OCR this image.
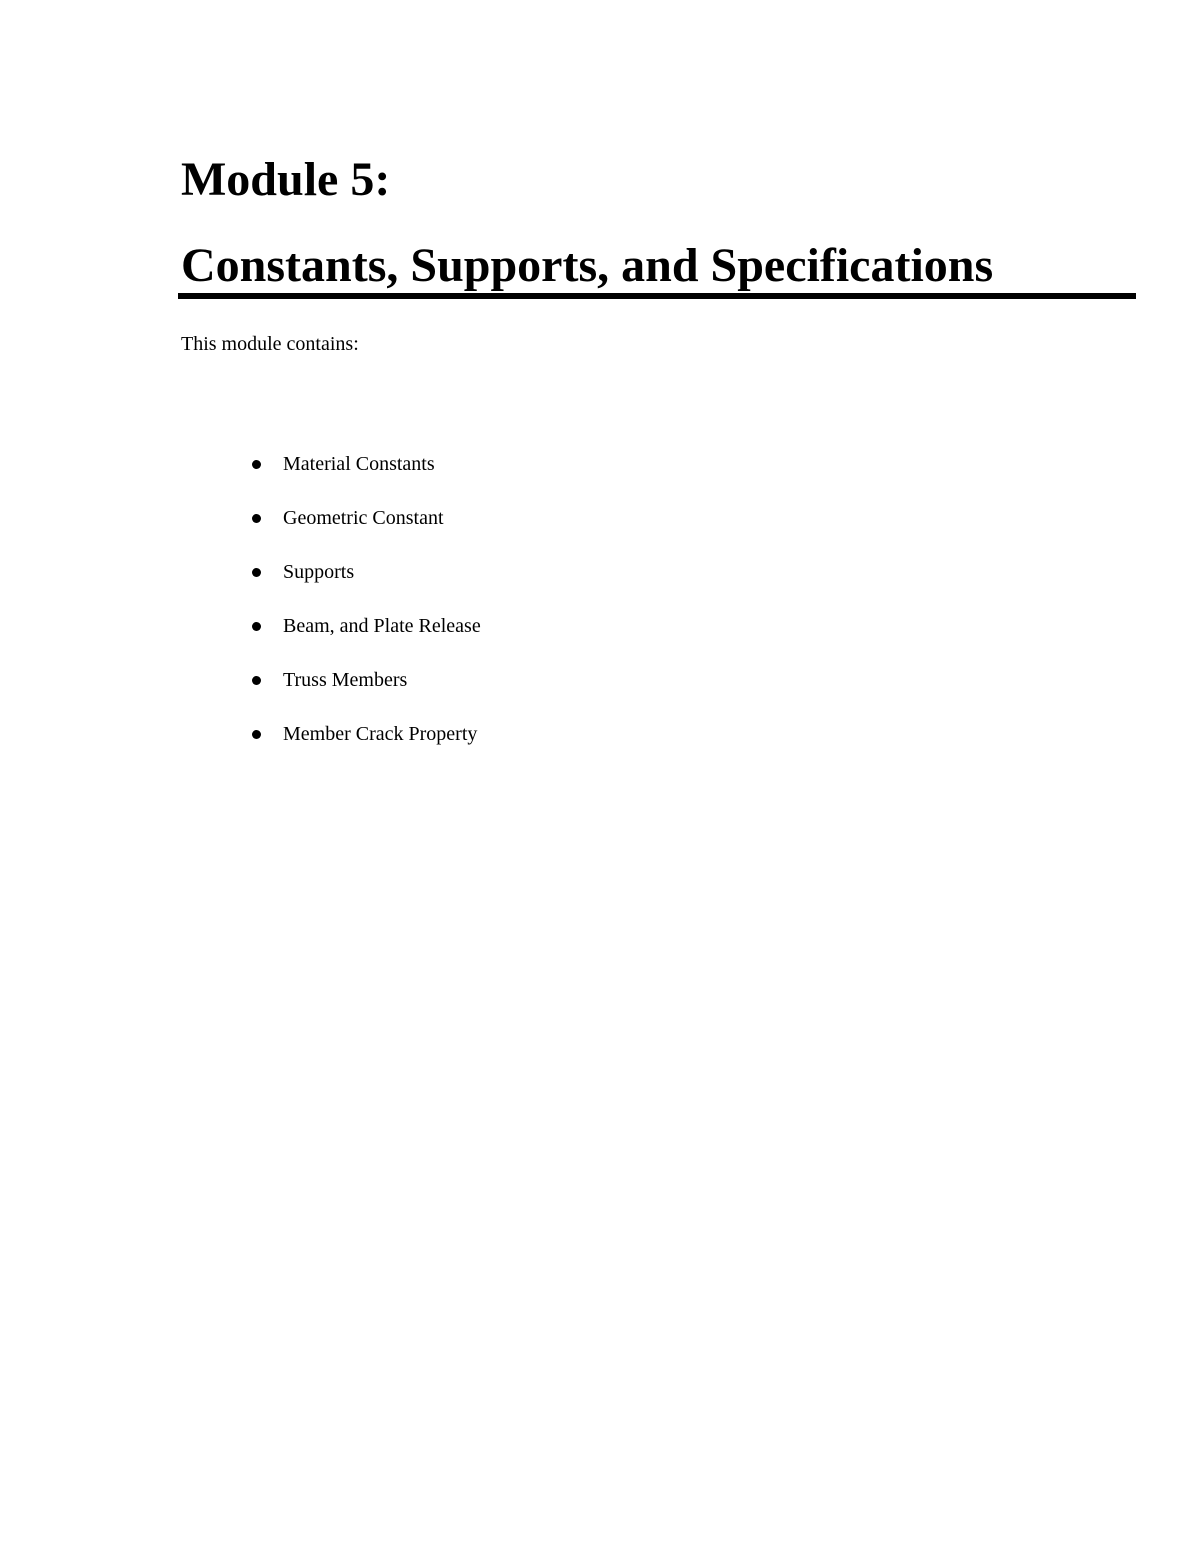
Module 5:
Constants, Supports, and Specifications

This module contains:

Material Constants
Geometric Constant
Supports
Beam, and Plate Release
Truss Members
Member Crack Property
